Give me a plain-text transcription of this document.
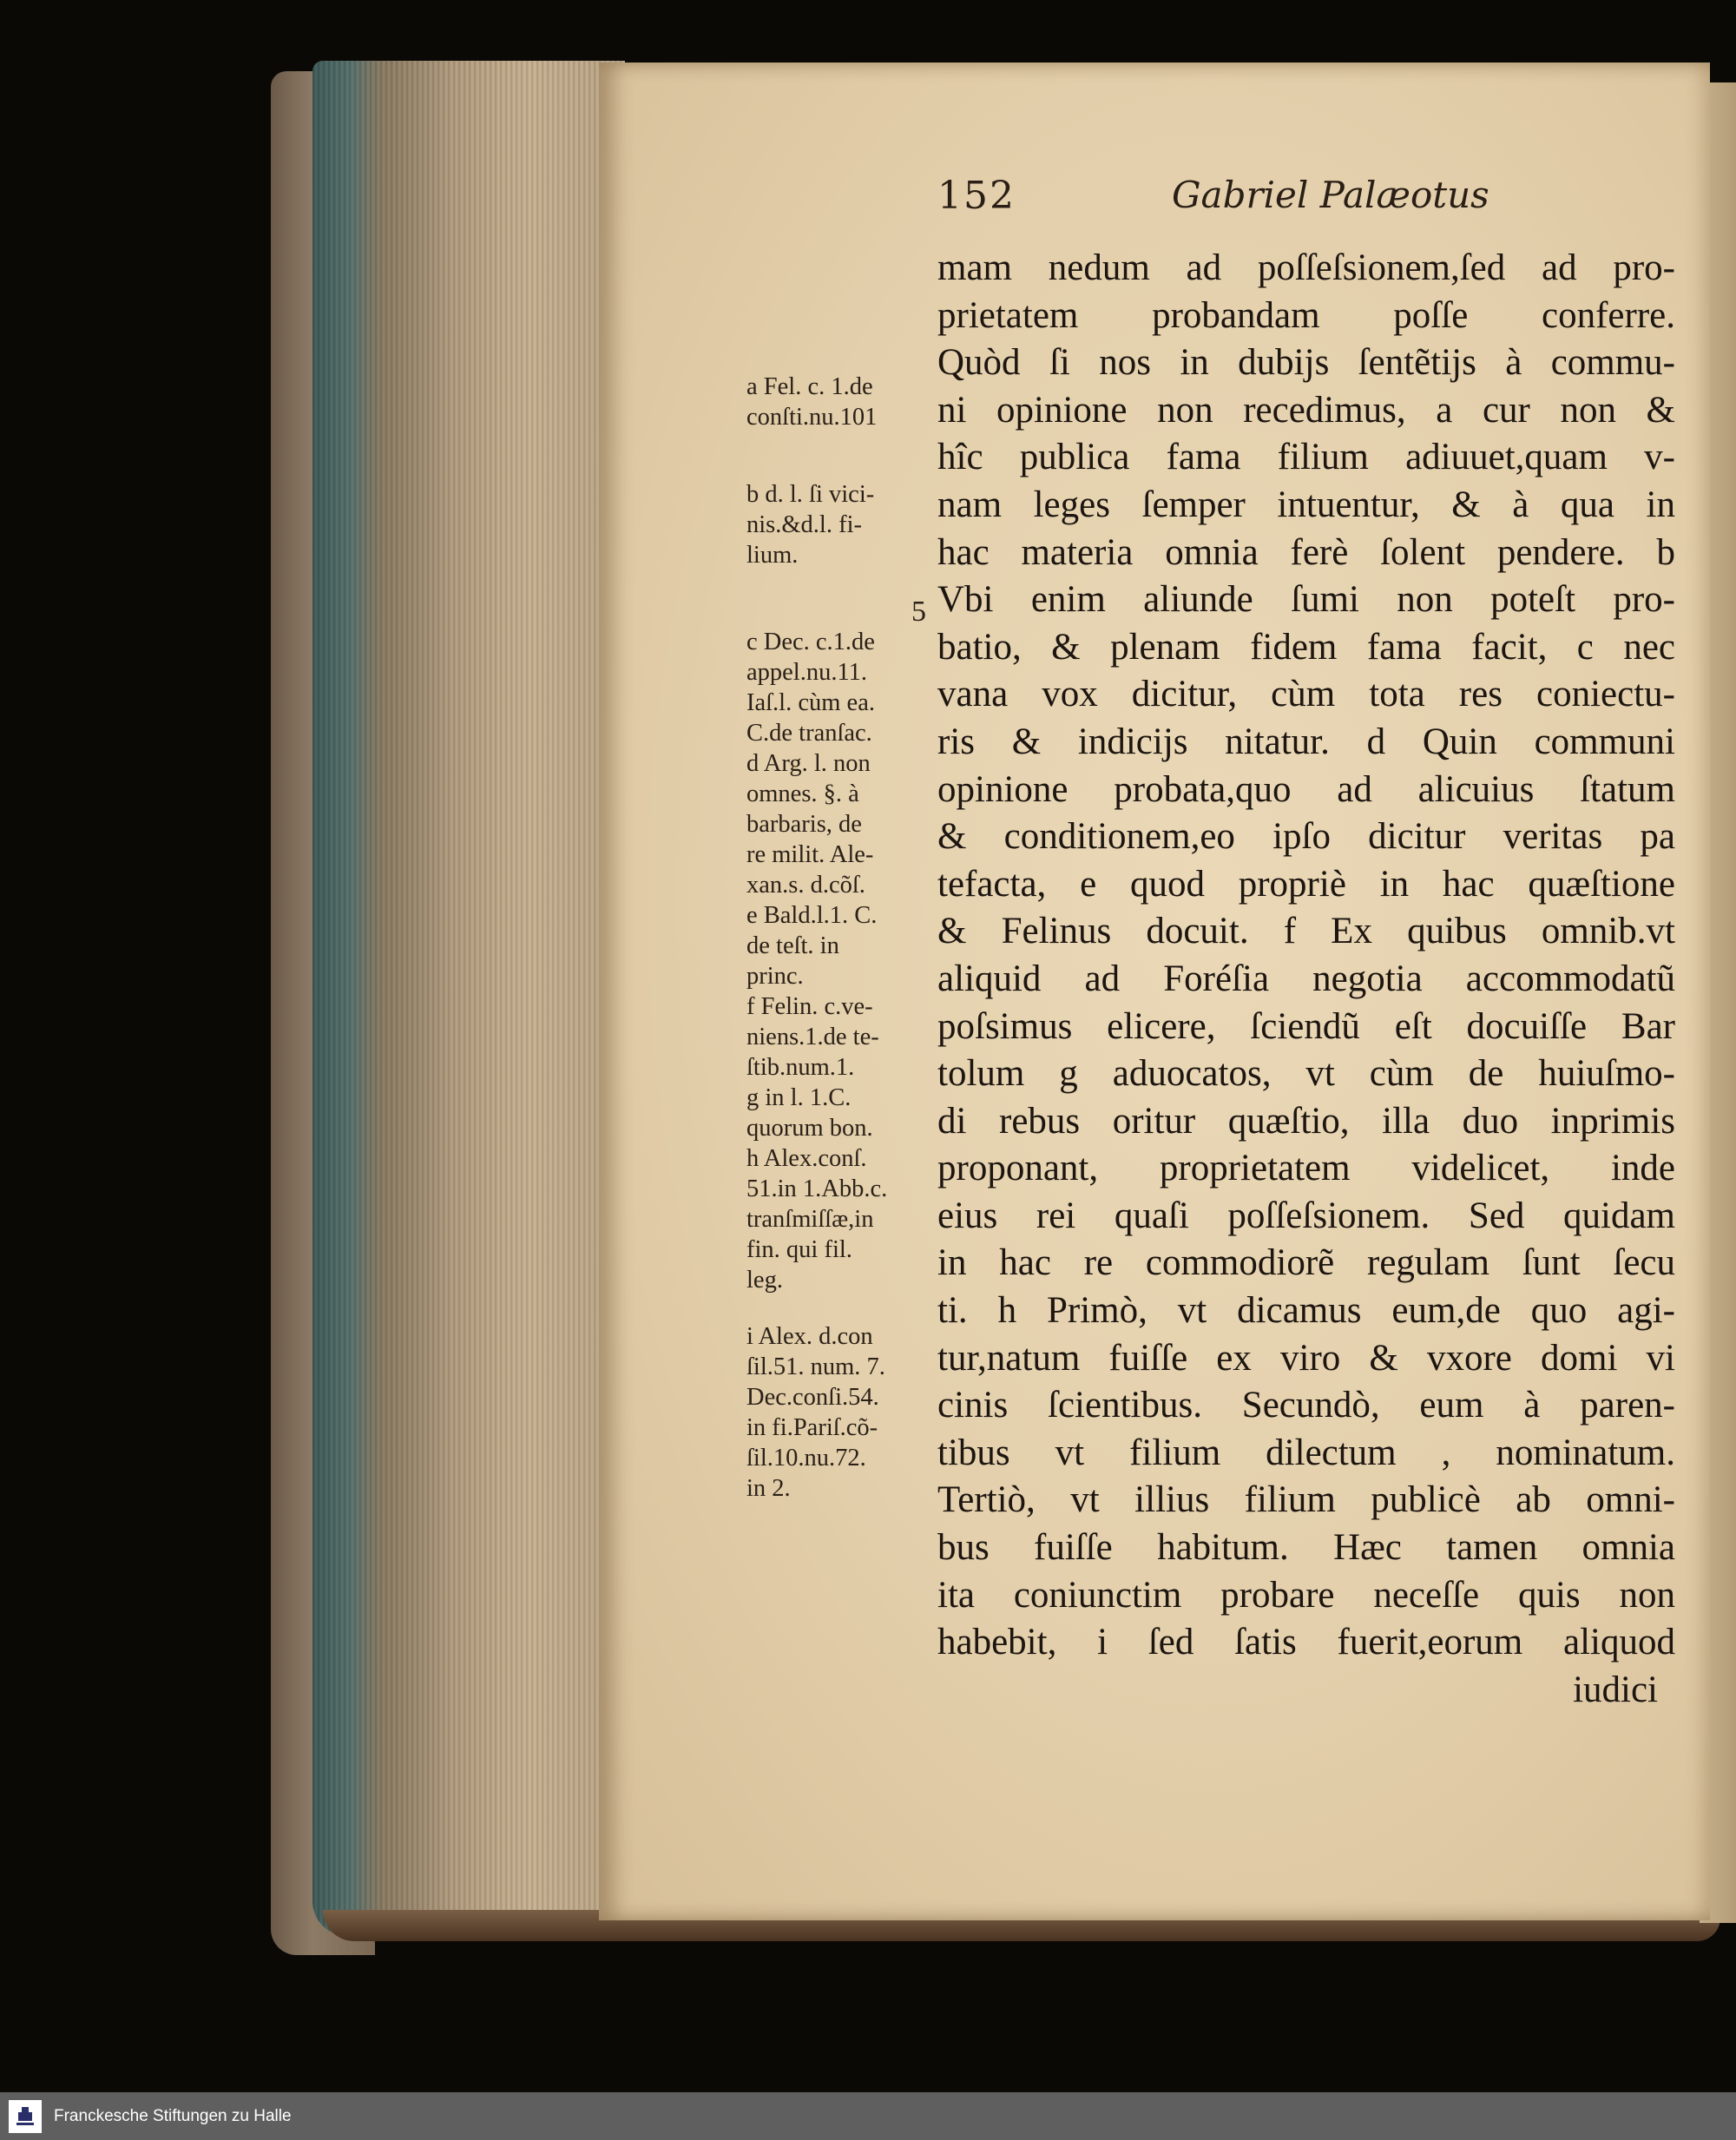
152	Gabriel Palæotus
mam nedum ad poſſeſsionem,ſed ad pro-
prietatem probandam poſſe conferre.
Quòd ſi nos in dubijs ſentẽtijs à commu-
ni opinione non recedimus, a cur non &
hîc publica fama filium adiuuet,quam v-
nam leges ſemper intuentur, & à qua in
hac materia omnia ferè ſolent pendere. b
Vbi enim aliunde ſumi non poteſt pro-
batio, & plenam fidem fama facit, c nec
vana vox dicitur, cùm tota res coniectu-
ris & indicijs nitatur. d Quin communi
opinione probata,quo ad alicuius ſtatum
& conditionem,eo ipſo dicitur veritas pa
tefacta, e quod propriè in hac quæſtione
& Felinus docuit. f Ex quibus omnib.vt
aliquid ad Foréſia negotia accommodatũ
poſsimus elicere, ſciendũ eſt docuiſſe Bar
tolum g aduocatos, vt cùm de huiuſmo-
di rebus oritur quæſtio, illa duo inprimis
proponant, proprietatem videlicet, inde
eius rei quaſi poſſeſsionem. Sed quidam
in hac re commodiorẽ regulam ſunt ſecu
ti. h Primò, vt dicamus eum,de quo agi-
tur,natum fuiſſe ex viro & vxore domi vi
cinis ſcientibus. Secundò, eum à paren-
tibus vt filium dilectum , nominatum.
Tertiò, vt illius filium publicè ab omni-
bus fuiſſe habitum. Hæc tamen omnia
ita coniunctim probare neceſſe quis non
habebit, i ſed ſatis fuerit,eorum aliquod
iudici
a Fel. c. 1.de
conſti.nu.101
b d. l. ſi vici-
nis.&d.l. fi-
lium.
5
c Dec. c.1.de
appel.nu.11.
Iaſ.l. cùm ea.
C.de tranſac.
d Arg. l. non
omnes. §. à
barbaris, de
re milit. Ale-
xan.s. d.cõſ.
e Bald.l.1. C.
de teſt. in
princ.
f Felin. c.ve-
niens.1.de te-
ſtib.num.1.
g in l. 1.C.
quorum bon.
h Alex.conſ.
51.in 1.Abb.c.
tranſmiſſæ,in
fin. qui fil.
leg.
i Alex. d.con
ſil.51. num. 7.
Dec.conſi.54.
in fi.Pariſ.cõ-
ſil.10.nu.72.
in 2.
Franckesche Stiftungen zu Halle
